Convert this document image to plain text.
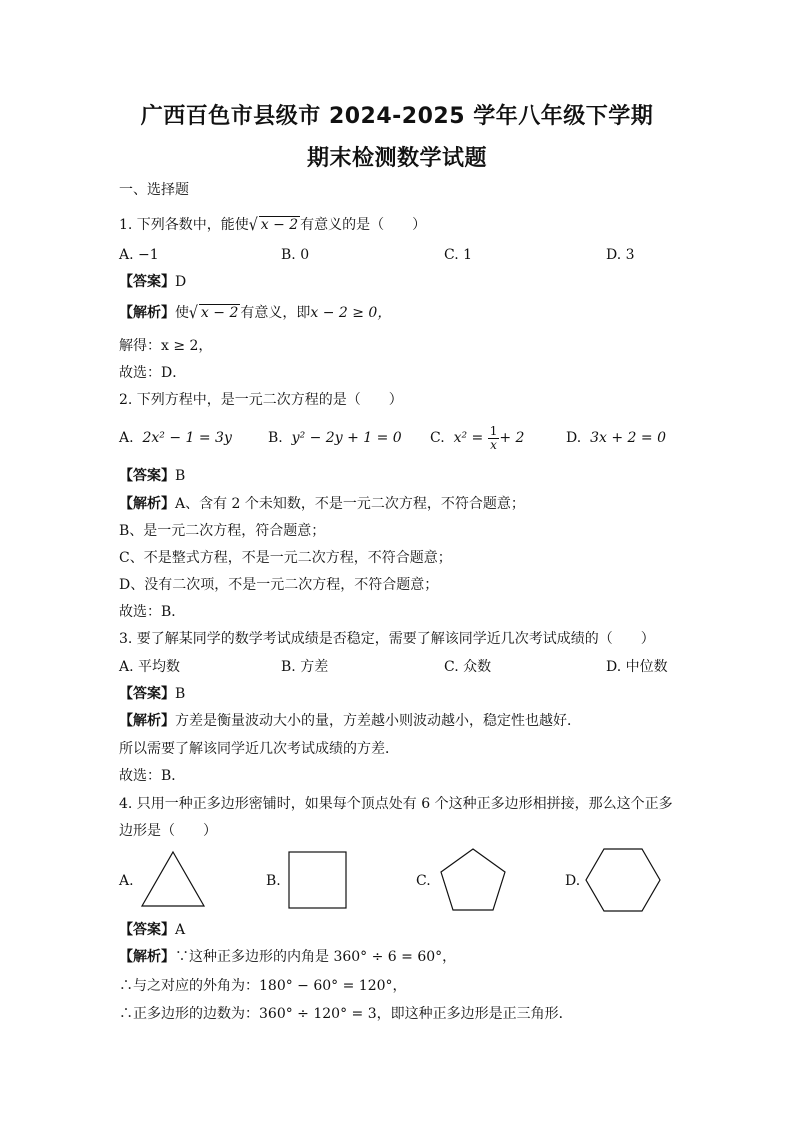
广西百色市县级市 2024-2025 学年八年级下学期
期末检测数学试题
一、选择题
1. 下列各数中，能使√ x − 2 有意义的是（　　）
A. −1	B. 0	C. 1	D. 3
【答案】D
【解析】使√ x − 2 有意义，即x − 2 ≥ 0，
解得：x ≥ 2，
故选：D．
2. 下列方程中，是一元二次方程的是（　　）
A. 2x² − 1 = 3y	B. y² − 2y + 1 = 0 C. $x^2 = \frac{1}{x} + 2$	D. 3x + 2 = 0
【答案】B
【解析】A、含有 2 个未知数，不是一元二次方程，不符合题意；
B、是一元二次方程，符合题意；
C、不是整式方程，不是一元二次方程，不符合题意；
D、没有二次项，不是一元二次方程，不符合题意；
故选：B．
3. 要了解某同学的数学考试成绩是否稳定，需要了解该同学近几次考试成绩的（　　）
A. 平均数	B. 方差	C. 众数	D. 中位数
【答案】B
【解析】方差是衡量波动大小的量，方差越小则波动越小，稳定性也越好．
所以需要了解该同学近几次考试成绩的方差．
故选：B．
4. 只用一种正多边形密铺时，如果每个顶点处有 6 个这种正多边形相拼接，那么这个正多
边形是（　　）
A.	B.	C.	D.
【答案】A
【解析】∵这种正多边形的内角是 360° ÷ 6 = 60°，
∴与之对应的外角为：180° − 60° = 120°，
∴正多边形的边数为：360° ÷ 120° = 3，即这种正多边形是正三角形．
